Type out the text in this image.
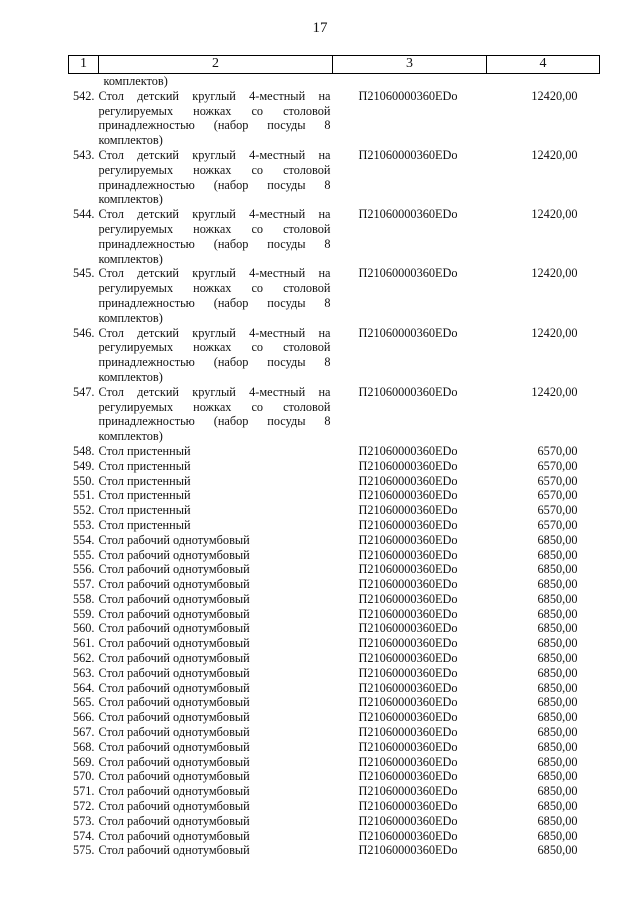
17
1	2	3	4
	комплектов)		
542.	Стол детский круглый 4-местный на
регулируемых ножках со столовой
принадлежностью (набор посуды 8
комплектов)	П21060000360EDo	12420,00
543.	Стол детский круглый 4-местный на
регулируемых ножках со столовой
принадлежностью (набор посуды 8
комплектов)	П21060000360EDo	12420,00
544.	Стол детский круглый 4-местный на
регулируемых ножках со столовой
принадлежностью (набор посуды 8
комплектов)	П21060000360EDo	12420,00
545.	Стол детский круглый 4-местный на
регулируемых ножках со столовой
принадлежностью (набор посуды 8
комплектов)	П21060000360EDo	12420,00
546.	Стол детский круглый 4-местный на
регулируемых ножках со столовой
принадлежностью (набор посуды 8
комплектов)	П21060000360EDo	12420,00
547.	Стол детский круглый 4-местный на
регулируемых ножках со столовой
принадлежностью (набор посуды 8
комплектов)	П21060000360EDo	12420,00
548.	Стол пристенный	П21060000360EDo	6570,00
549.	Стол пристенный	П21060000360EDo	6570,00
550.	Стол пристенный	П21060000360EDo	6570,00
551.	Стол пристенный	П21060000360EDo	6570,00
552.	Стол пристенный	П21060000360EDo	6570,00
553.	Стол пристенный	П21060000360EDo	6570,00
554.	Стол рабочий однотумбовый	П21060000360EDo	6850,00
555.	Стол рабочий однотумбовый	П21060000360EDo	6850,00
556.	Стол рабочий однотумбовый	П21060000360EDo	6850,00
557.	Стол рабочий однотумбовый	П21060000360EDo	6850,00
558.	Стол рабочий однотумбовый	П21060000360EDo	6850,00
559.	Стол рабочий однотумбовый	П21060000360EDo	6850,00
560.	Стол рабочий однотумбовый	П21060000360EDo	6850,00
561.	Стол рабочий однотумбовый	П21060000360EDo	6850,00
562.	Стол рабочий однотумбовый	П21060000360EDo	6850,00
563.	Стол рабочий однотумбовый	П21060000360EDo	6850,00
564.	Стол рабочий однотумбовый	П21060000360EDo	6850,00
565.	Стол рабочий однотумбовый	П21060000360EDo	6850,00
566.	Стол рабочий однотумбовый	П21060000360EDo	6850,00
567.	Стол рабочий однотумбовый	П21060000360EDo	6850,00
568.	Стол рабочий однотумбовый	П21060000360EDo	6850,00
569.	Стол рабочий однотумбовый	П21060000360EDo	6850,00
570.	Стол рабочий однотумбовый	П21060000360EDo	6850,00
571.	Стол рабочий однотумбовый	П21060000360EDo	6850,00
572.	Стол рабочий однотумбовый	П21060000360EDo	6850,00
573.	Стол рабочий однотумбовый	П21060000360EDo	6850,00
574.	Стол рабочий однотумбовый	П21060000360EDo	6850,00
575.	Стол рабочий однотумбовый	П21060000360EDo	6850,00
